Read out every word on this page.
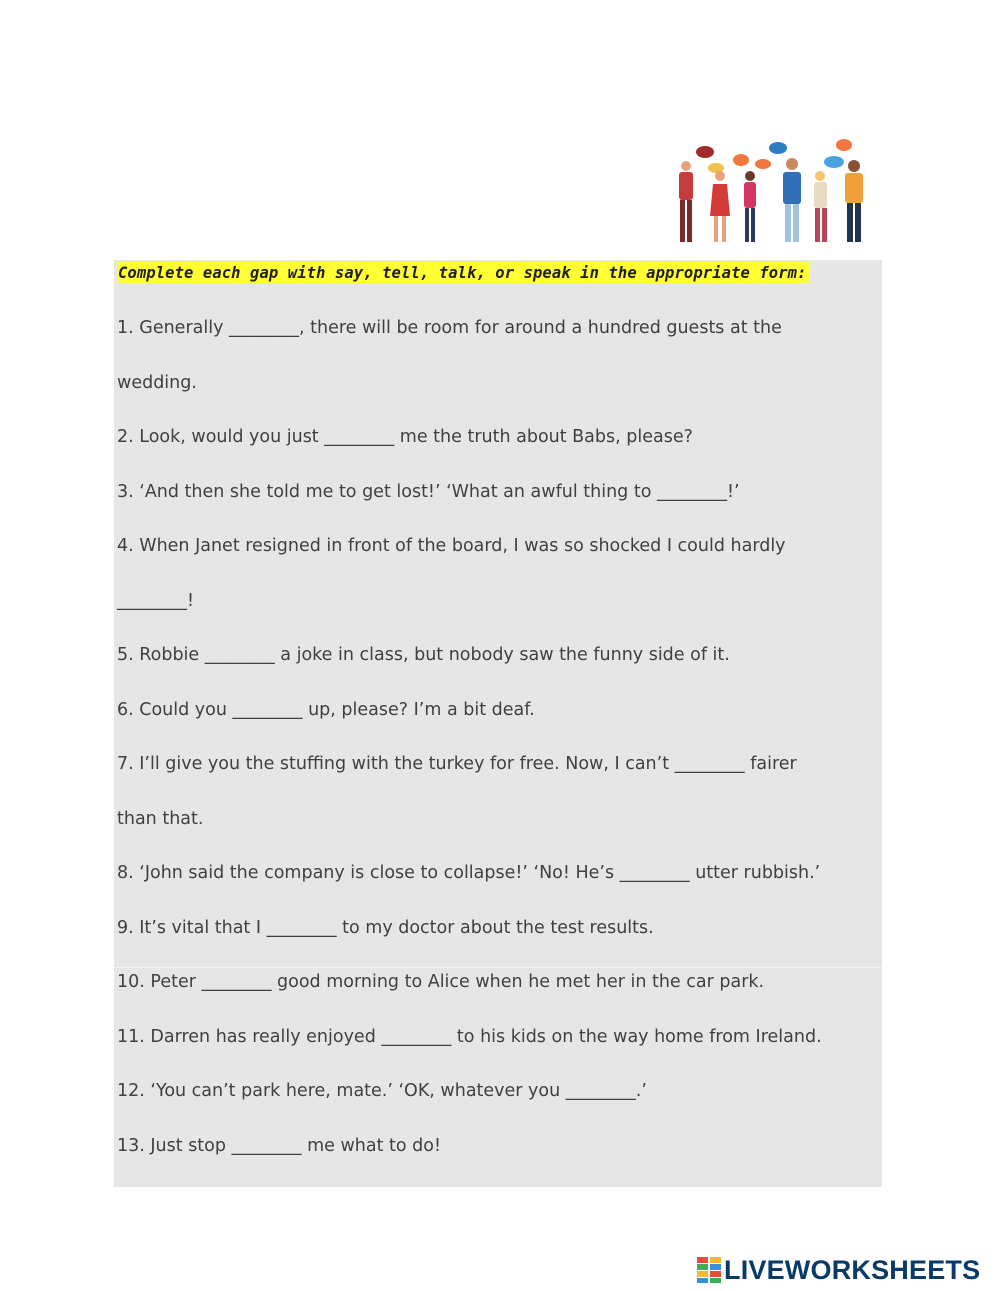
Complete each gap with say, tell, talk, or speak in the appropriate form:
1. Generally ________, there will be room for around a hundred guests at the
wedding.
2. Look, would you just ________ me the truth about Babs, please?
3. ‘And then she told me to get lost!’ ‘What an awful thing to ________!’
4. When Janet resigned in front of the board, I was so shocked I could hardly
________!
5. Robbie ________ a joke in class, but nobody saw the funny side of it.
6. Could you ________ up, please? I’m a bit deaf.
7. I’ll give you the stuffing with the turkey for free. Now, I can’t ________ fairer
than that.
8. ‘John said the company is close to collapse!’ ‘No! He’s ________ utter rubbish.’
9. It’s vital that I ________ to my doctor about the test results.
10. Peter ________ good morning to Alice when he met her in the car park.
11. Darren has really enjoyed ________ to his kids on the way home from Ireland.
12. ‘You can’t park here, mate.’ ‘OK, whatever you ________.’
13. Just stop ________ me what to do!
LIVEWORKSHEETS
